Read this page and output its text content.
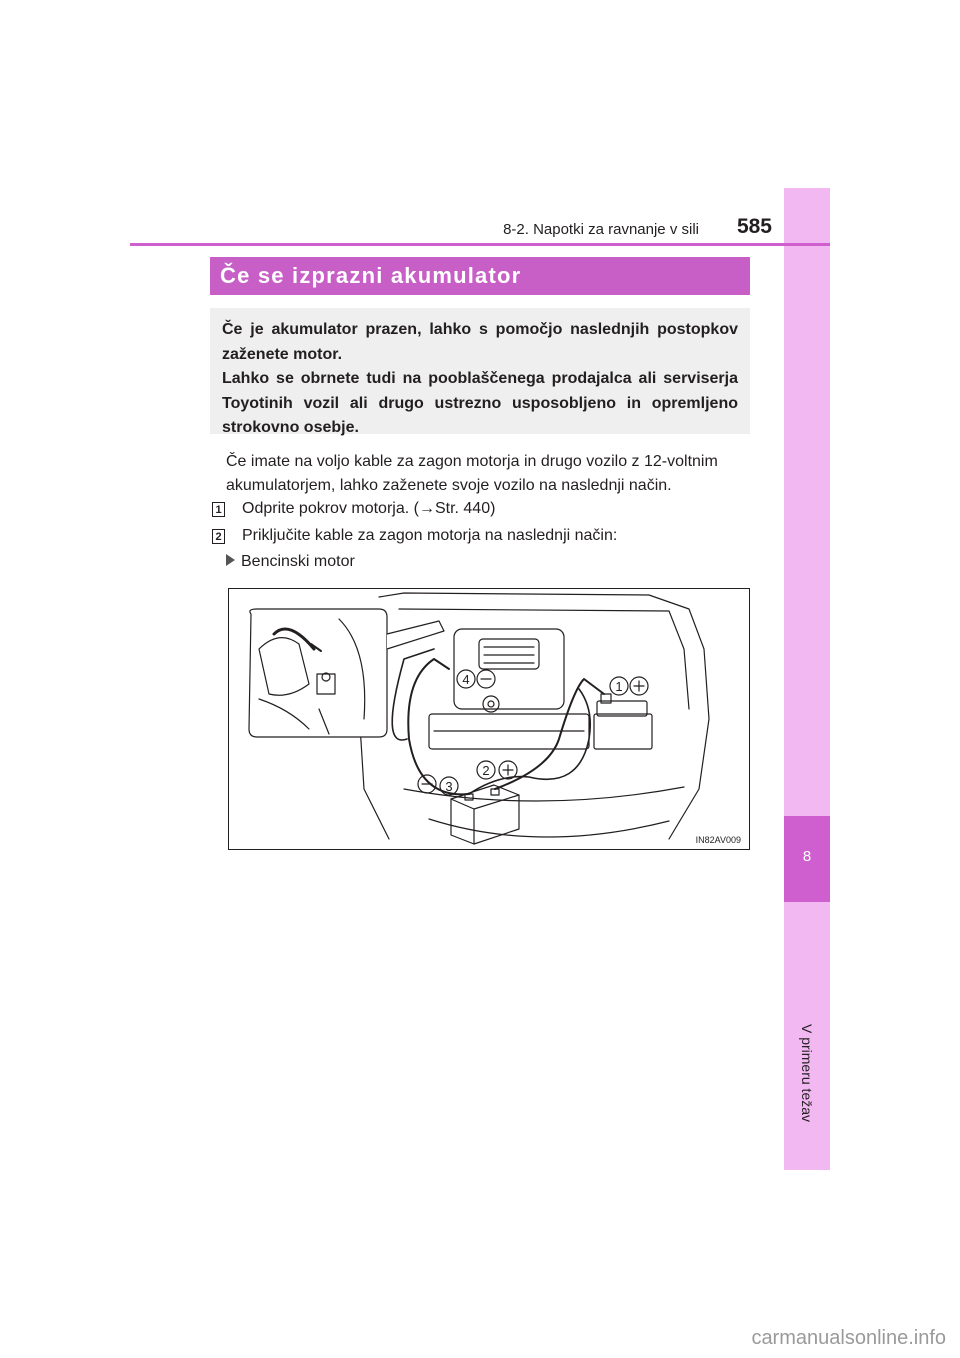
8
V primeru težav
8-2. Napotki za ravnanje v sili 585
Če se izprazni akumulator

Če je akumulator prazen, lahko s pomočjo naslednjih postopkov zaženete motor.

Lahko se obrnete tudi na pooblaščenega prodajalca ali serviserja Toyotinih vozil ali drugo ustrezno usposobljeno in opremljeno strokovno osebje.

Če imate na voljo kable za zagon motorja in drugo vozilo z 12-voltnim akumulatorjem, lahko zaženete svoje vozilo na naslednji način.
1 Odprite pokrov motorja. (→Str. 440)
2 Priključite kable za zagon motorja na naslednji način:
Bencinski motor
4	1
2
3
IN82AV009
carmanualsonline.info
